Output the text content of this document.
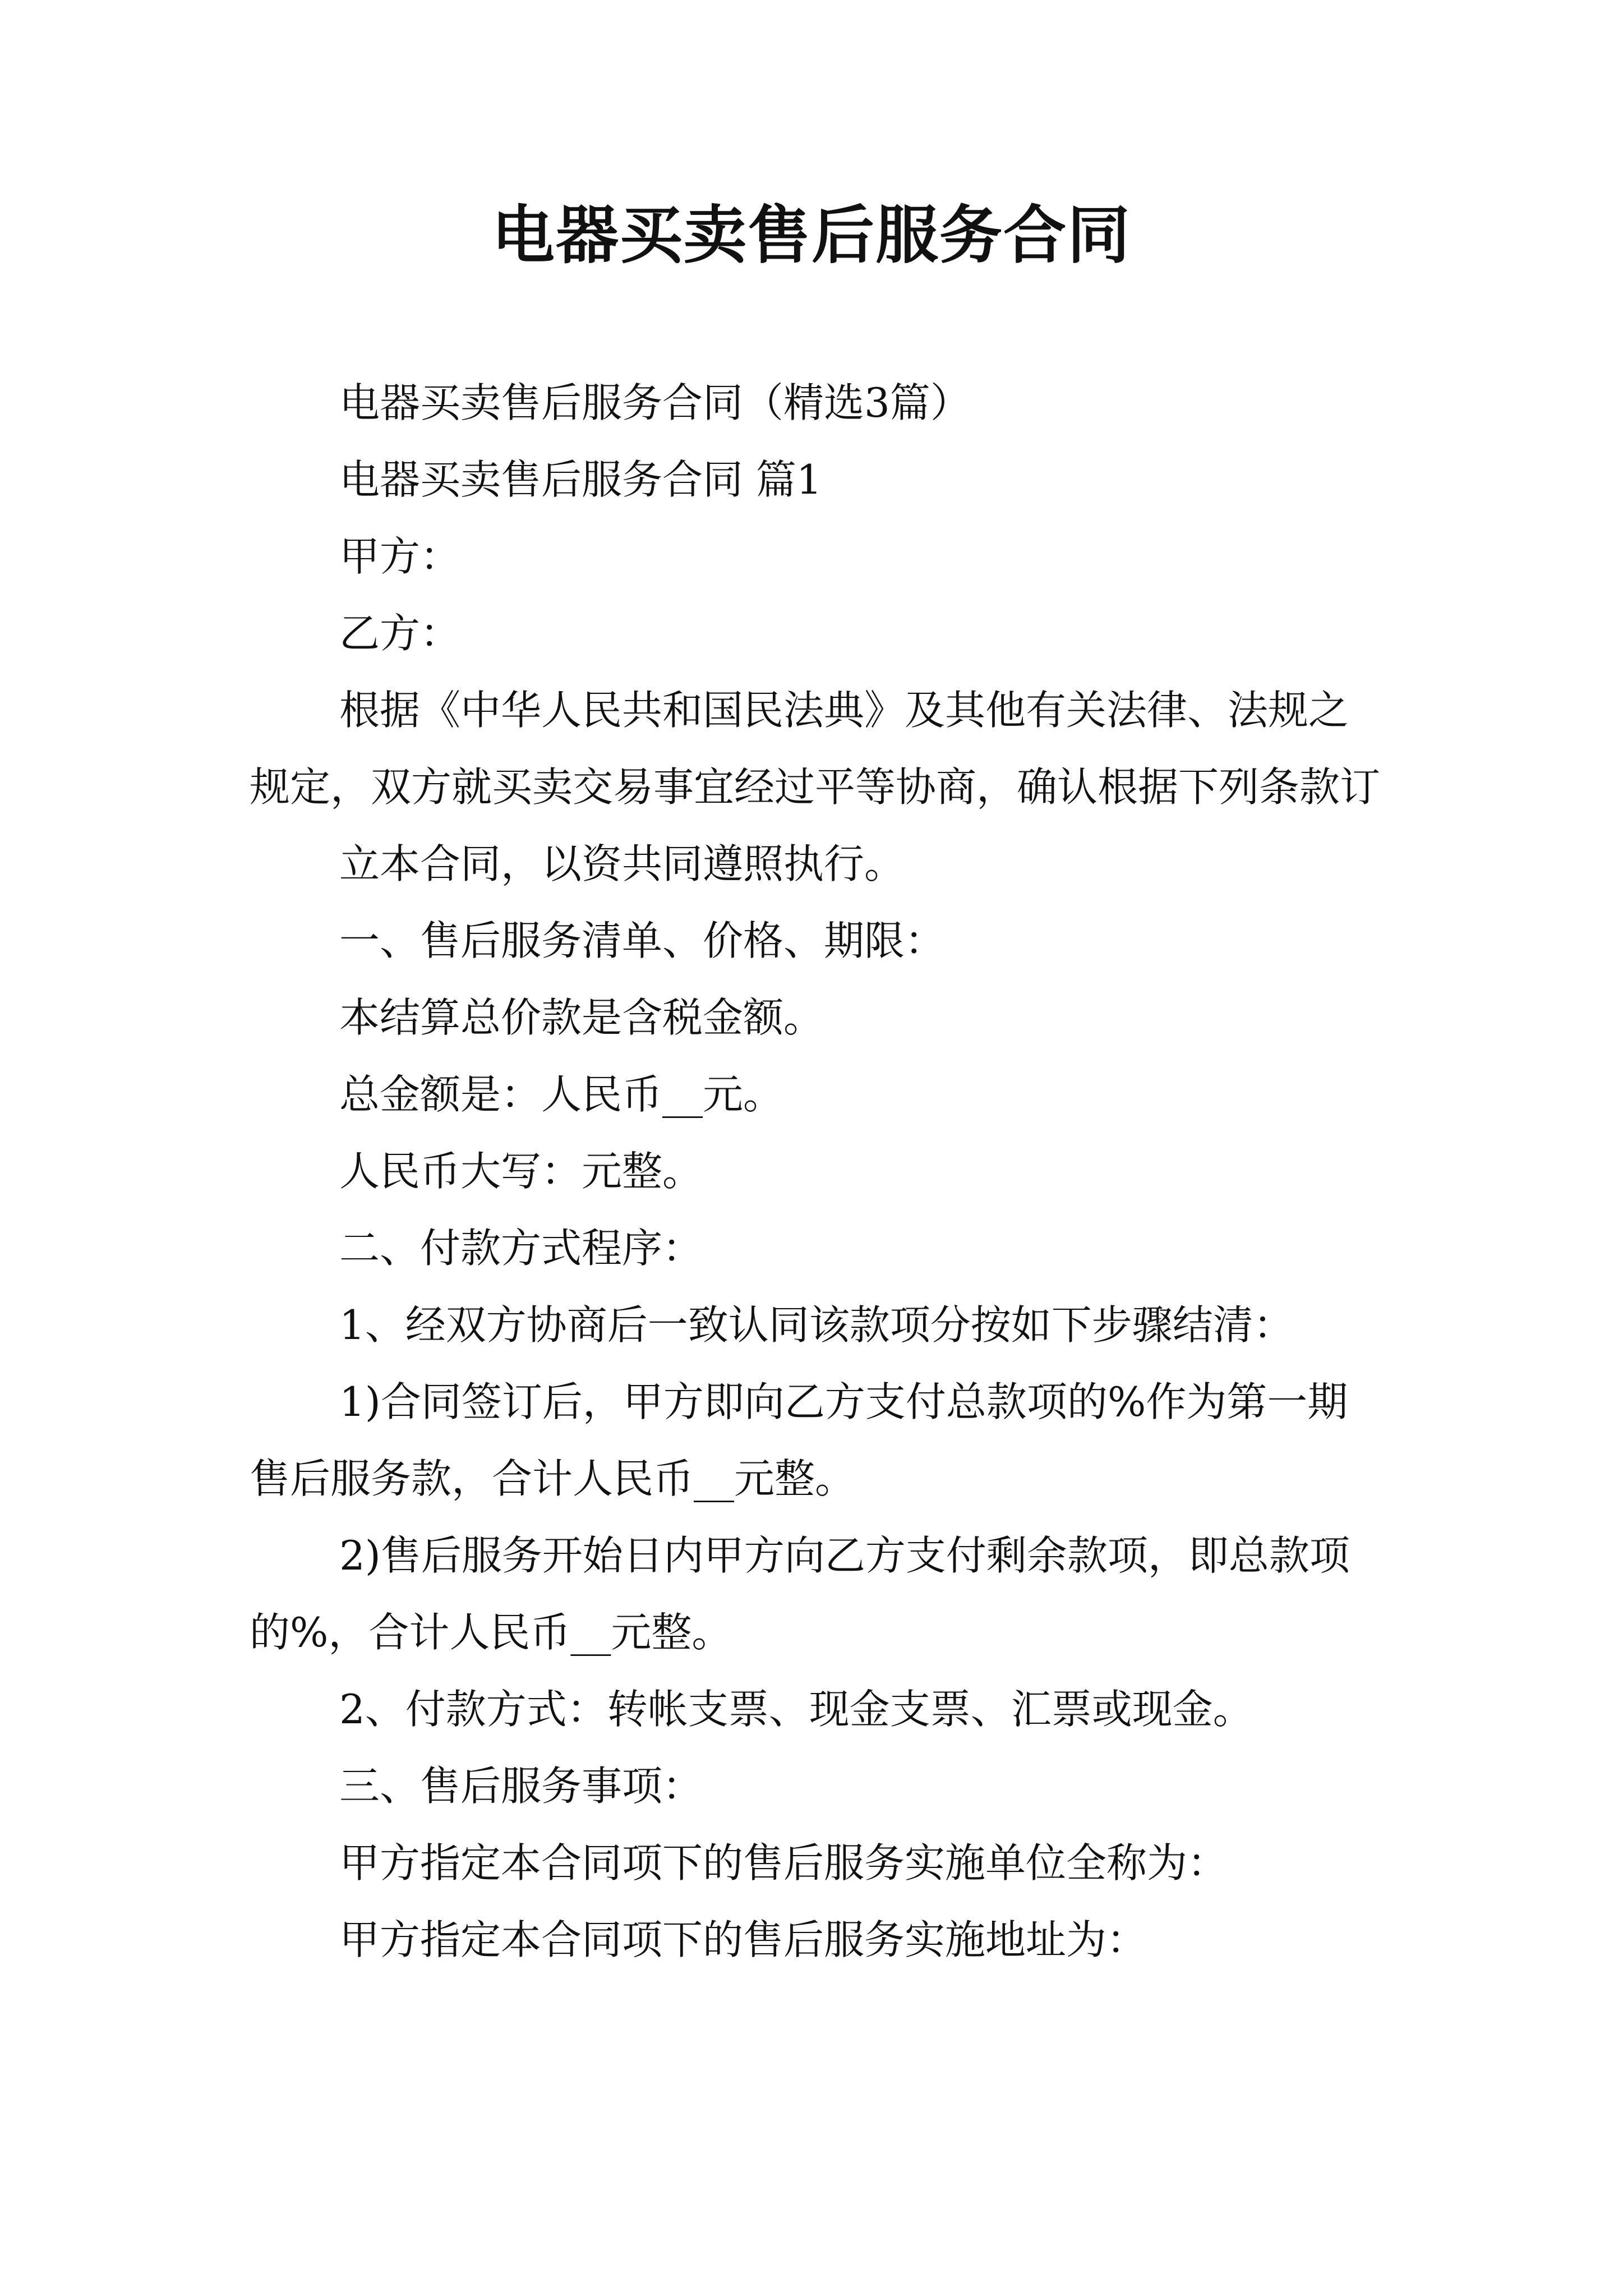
电器买卖售后服务合同

电器买卖售后服务合同（精选3篇）

电器买卖售后服务合同 篇1

甲方：

乙方：

根据《中华人民共和国民法典》及其他有关法律、法规之规定，双方就买卖交易事宜经过平等协商，确认根据下列条款订

立本合同，以资共同遵照执行。

一、售后服务清单、价格、期限：

本结算总价款是含税金额。

总金额是：人民币__元。

人民币大写：元整。

二、付款方式程序：

1、经双方协商后一致认同该款项分按如下步骤结清：

1)合同签订后，甲方即向乙方支付总款项的%作为第一期售后服务款，合计人民币__元整。

2)售后服务开始日内甲方向乙方支付剩余款项，即总款项的%，合计人民币__元整。

2、付款方式：转帐支票、现金支票、汇票或现金。

三、售后服务事项：

甲方指定本合同项下的售后服务实施单位全称为：

甲方指定本合同项下的售后服务实施地址为：
